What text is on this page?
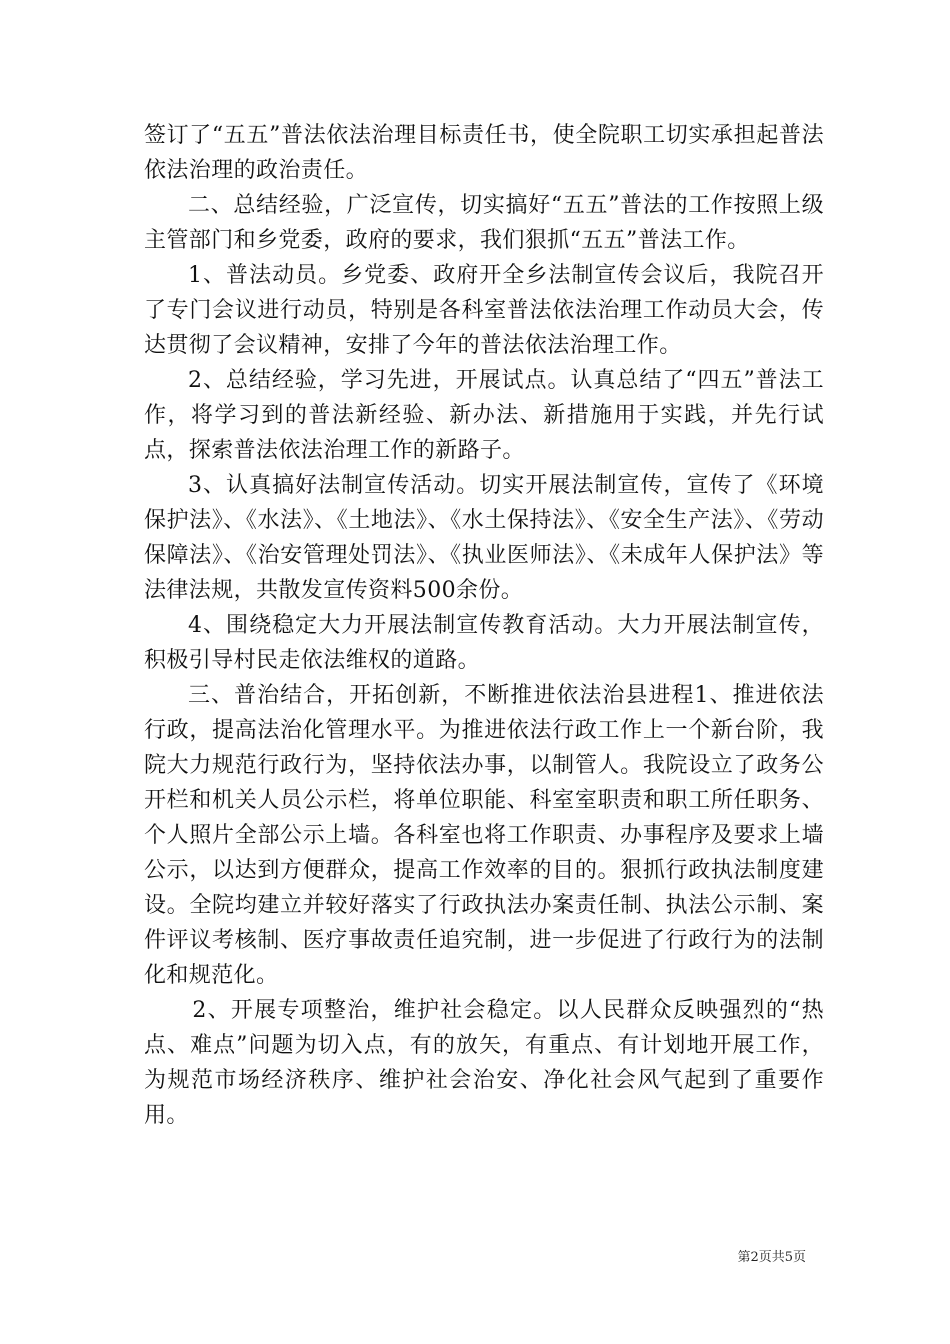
签订了“五五”普法依法治理目标责任书，使全院职工切实承担起普法依法治理的政治责任。

二、总结经验，广泛宣传，切实搞好“五五”普法的工作按照上级主管部门和乡党委，政府的要求，我们狠抓“五五”普法工作。

1、普法动员。乡党委、政府开全乡法制宣传会议后，我院召开了专门会议进行动员，特别是各科室普法依法治理工作动员大会，传达贯彻了会议精神，安排了今年的普法依法治理工作。

2、总结经验，学习先进，开展试点。认真总结了“四五”普法工作，将学习到的普法新经验、新办法、新措施用于实践，并先行试点，探索普法依法治理工作的新路子。

3、认真搞好法制宣传活动。切实开展法制宣传，宣传了《环境保护法》、《水法》、《土地法》、《水土保持法》、《安全生产法》、《劳动保障法》、《治安管理处罚法》、《执业医师法》、《未成年人保护法》等法律法规，共散发宣传资料500余份。

4、围绕稳定大力开展法制宣传教育活动。大力开展法制宣传，积极引导村民走依法维权的道路。

三、普治结合，开拓创新，不断推进依法治县进程1、推进依法行政，提高法治化管理水平。为推进依法行政工作上一个新台阶，我院大力规范行政行为，坚持依法办事，以制管人。我院设立了政务公开栏和机关人员公示栏，将单位职能、科室室职责和职工所任职务、个人照片全部公示上墙。各科室也将工作职责、办事程序及要求上墙公示，以达到方便群众，提高工作效率的目的。狠抓行政执法制度建设。全院均建立并较好落实了行政执法办案责任制、执法公示制、案件评议考核制、医疗事故责任追究制，进一步促进了行政行为的法制化和规范化。

2、开展专项整治，维护社会稳定。以人民群众反映强烈的“热点、难点”问题为切入点，有的放矢，有重点、有计划地开展工作，为规范市场经济秩序、维护社会治安、净化社会风气起到了重要作用。

第2页共5页
